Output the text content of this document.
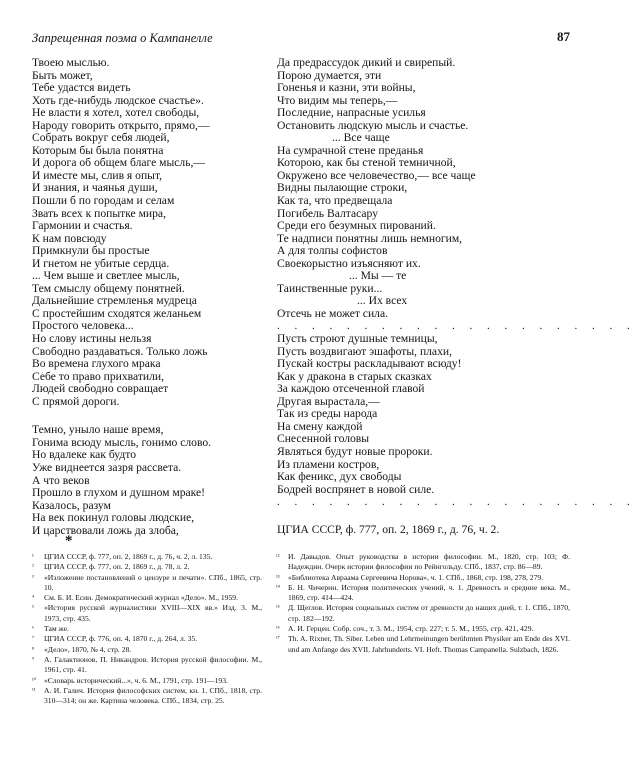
Запрещенная поэма о Кампанелле	87
Твоею мыслью.
Быть может,
Тебе удастся видеть
Хоть где-нибудь людское счастье».
Не власти я хотел, хотел свободы,
Народу говорить открыто, прямо,—
Собрать вокруг себя людей,
Которым бы была понятна
И дорога об общем благе мысль,—
И иместе мы, слив я опыт,
И знания, и чаянья души,
Пошли б по городам и селам
Звать всех к попытке мира,
Гармонии и счастья.
К нам повсюду
Примкнули бы простые
И гнетом не убитые сердца.
... Чем выше и светлее мысль,
Тем смыслу общему понятней.
Дальнейшие стремленья мудреца
С простейшим сходятся желаньем
Простого человека...
Но слову истины нельзя
Свободно раздаваться. Только ложь
Во времена глухого мрака
Себе то право прихватили,
Людей свободно совращает
С прямой дороги.
Темно, уныло наше время,
Гонима всюду мысль, гонимо слово.
Но вдалеке как будто
Уже виднеется зазря рассвета.
А что веков
Прошло в глухом и душном мраке!
Казалось, разум
На век покинул головы людские,
И царствовали ложь да злоба,
Да предрассудок дикий и свирепый.
Порою думается, эти
Гоненья и казни, эти войны,
Что видим мы теперь,—
Последние, напрасные усилья
Остановить людскую мысль и счастье.
... Все чаще
На сумрачной стене преданья
Которою, как бы стеной темничной,
Окружено все человечество,— все чаще
Видны пылающие строки,
Как та, что предвещала
Погибель Валтасару
Среди его безумных пирований.
Те надписи понятны лишь немногим,
А для толпы софистов
Своекорыстно изъясняют их.
... Мы — те
Таинственные руки...
... Их всех
Отсечь не может сила.
. . . . . . . . . . . . . . . . . . . . .
Пусть строют душные темницы,
Пусть воздвигают эшафоты, плахи,
Пускай костры раскладывают всюду!
Как у дракона в старых сказках
За каждою отсеченной главой
Другая вырастала,—
Так из среды народа
На смену каждой
Снесенной головы
Являться будут новые пророки.
Из пламени костров,
Как феникс, дух свободы
Бодрей воспрянет в новой силе.
. . . . . . . . . . . . . . . . . . . . .
ЦГИА СССР, ф. 777, оп. 2, 1869 г., д. 76, ч. 2.
*
¹ ЦГИА СССР, ф. 777, оп. 2, 1869 г., д. 76, ч. 2, л. 135.
² ЦГИА СССР, ф. 777, оп. 2, 1869 г., д. 78, л. 2.
³ «Изложение постановлений о цензуре и печати». СПб., 1865, стр. 10.
⁴ См. Б. И. Есин. Демократический журнал «Дело». М., 1959.
⁵ «История русской журналистики XVIII—XIX вв.» Изд. 3. М., 1973, стр. 435.
⁶ Там же.
⁷ ЦГИА СССР, ф. 776, оп. 4, 1870 г., д. 264, л. 35.
⁸ «Дело», 1870, № 4, стр. 28.
⁹ А. Галактионов, П. Никандров. История русской философии. М., 1961, стр. 41.
¹⁰ «Словарь исторический...», ч. 6. М., 1791, стр. 191—193.
¹¹ А. И. Галич. История философских систем, кн. 1. СПб., 1818, стр. 310—314; он же. Картина человека. СПб., 1834, стр. 25.
¹² И. Давыдов. Опыт руководства в истории философии. М., 1820, стр. 103; Ф. Надеждин. Очерк истории философии по Рейнгольду. СПб., 1837, стр. 86—89.
¹³ «Библиотека Авраама Сергеевича Норова», ч. 1. СПб., 1868, стр. 198, 278, 279.
¹⁴ Б. Н. Чичерин. История политических учений, ч. 1. Древность и средние века. М., 1869, стр. 414—424.
¹⁵ Д. Щеглов. История социальных систем от древности до наших дней, т. 1. СПб., 1870, стр. 182—192.
¹⁶ А. И. Герцен. Собр. соч., т. 3. М., 1954, стр. 227; т. 5. М., 1955, стр. 421, 429.
¹⁷ Th. A. Rixner, Th. Siber. Leben und Lehrmeinungen berühmten Physiker am Ende des XVI. und am Anfange des XVII. Jahrhunderts. VI. Heft. Thomas Campanella. Sulzbach, 1826.
